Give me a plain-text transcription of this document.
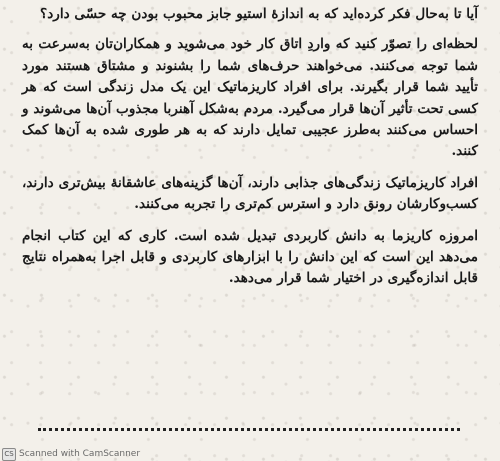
آیا تا به‌حال فکر کرده‌اید که به اندازهٔ استیو جابز محبوب بودن چه حسّی دارد؟

لحظه‌ای را تصوّر کنید که واردِ اتاق کار خود می‌شوید و همکاران‌تان به‌سرعت به شما توجه می‌کنند. می‌خواهند حرف‌های شما را بشنوند و مشتاق هستند مورد تأیید شما قرار بگیرند. برای افراد کاریزماتیک این یک مدل زندگی است که هر کسی تحت تأثیر آن‌ها قرار می‌گیرد. مردم به‌شکل آهنربا مجذوب آن‌ها می‌شوند و احساس می‌کنند به‌طرز عجیبی تمایل دارند که به هر طوری شده به آن‌ها کمک کنند.

افراد کاریزماتیک زندگی‌های جذابی دارند، آن‌ها گزینه‌های عاشقانهٔ بیش‌تری دارند، کسب‌وکارشان رونق دارد و استرس کم‌تری را تجربه می‌کنند.

امروزه کاریزما به دانش کاربردی تبدیل شده است. کاری که این کتاب انجام می‌دهد این است که این دانش را با ابزارهای کاربردی و قابل اجرا به‌همراه نتایج قابل اندازه‌گیری در اختیار شما قرار می‌دهد.

CS Scanned with CamScanner
